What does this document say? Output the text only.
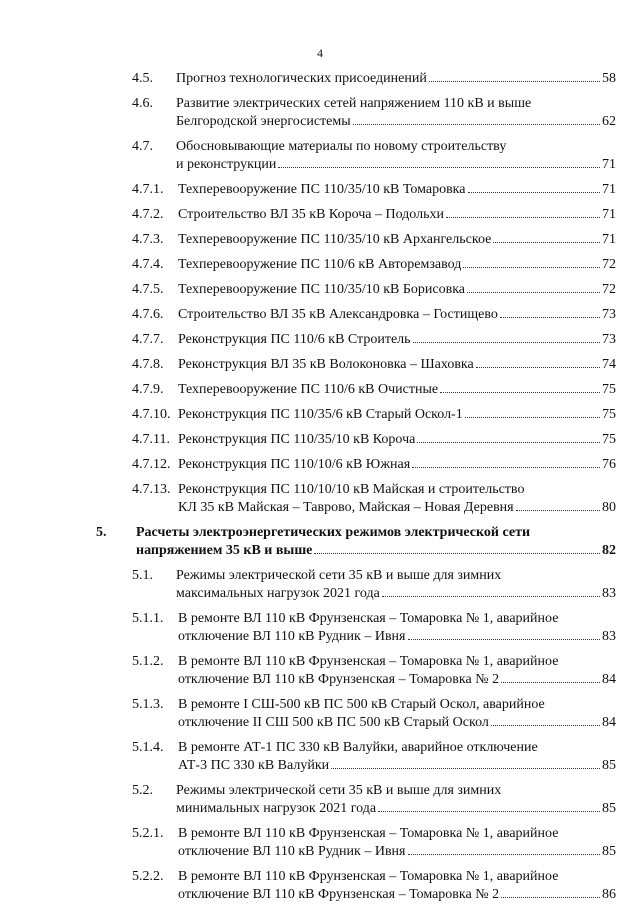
4
4.5.	Прогноз технологических присоединений	58
4.6.	Развитие электрических сетей напряжением 110 кВ и выше
Белгородской энергосистемы	62
4.7.	Обосновывающие материалы по новому строительству
и реконструкции	71
4.7.1.	Техперевооружение ПС 110/35/10 кВ Томаровка	71
4.7.2.	Строительство ВЛ 35 кВ Короча – Подольхи	71
4.7.3.	Техперевооружение ПС 110/35/10 кВ Архангельское	71
4.7.4.	Техперевооружение ПС 110/6 кВ Авторемзавод	72
4.7.5.	Техперевооружение ПС 110/35/10 кВ Борисовка	72
4.7.6.	Строительство ВЛ 35 кВ Александровка – Гостищево	73
4.7.7.	Реконструкция ПС 110/6 кВ Строитель	73
4.7.8.	Реконструкция ВЛ 35 кВ Волоконовка – Шаховка	74
4.7.9.	Техперевооружение ПС 110/6 кВ Очистные	75
4.7.10. Реконструкция ПС 110/35/6 кВ Старый Оскол-1	75
4.7.11. Реконструкция ПС 110/35/10 кВ Короча	75
4.7.12. Реконструкция ПС 110/10/6 кВ Южная	76
4.7.13. Реконструкция ПС 110/10/10 кВ Майская и строительство
КЛ 35 кВ Майская – Таврово, Майская – Новая Деревня	80
5.	Расчеты электроэнергетических режимов электрической сети
напряжением 35 кВ и выше	82
5.1.	Режимы электрической сети 35 кВ и выше для зимних
максимальных нагрузок 2021 года	83
5.1.1.	В ремонте ВЛ 110 кВ Фрунзенская – Томаровка № 1, аварийное
отключение ВЛ 110 кВ Рудник – Ивня	83
5.1.2.	В ремонте ВЛ 110 кВ Фрунзенская – Томаровка № 1, аварийное
отключение ВЛ 110 кВ Фрунзенская – Томаровка № 2	84
5.1.3.	В ремонте I СШ-500 кВ ПС 500 кВ Старый Оскол, аварийное
отключение II СШ 500 кВ ПС 500 кВ Старый Оскол	84
5.1.4.	В ремонте АТ-1 ПС 330 кВ Валуйки, аварийное отключение
АТ-3 ПС 330 кВ Валуйки	85
5.2.	Режимы электрической сети 35 кВ и выше для зимних
минимальных нагрузок 2021 года	85
5.2.1.	В ремонте ВЛ 110 кВ Фрунзенская – Томаровка № 1, аварийное
отключение ВЛ 110 кВ Рудник – Ивня	85
5.2.2.	В ремонте ВЛ 110 кВ Фрунзенская – Томаровка № 1, аварийное
отключение ВЛ 110 кВ Фрунзенская – Томаровка № 2	86
